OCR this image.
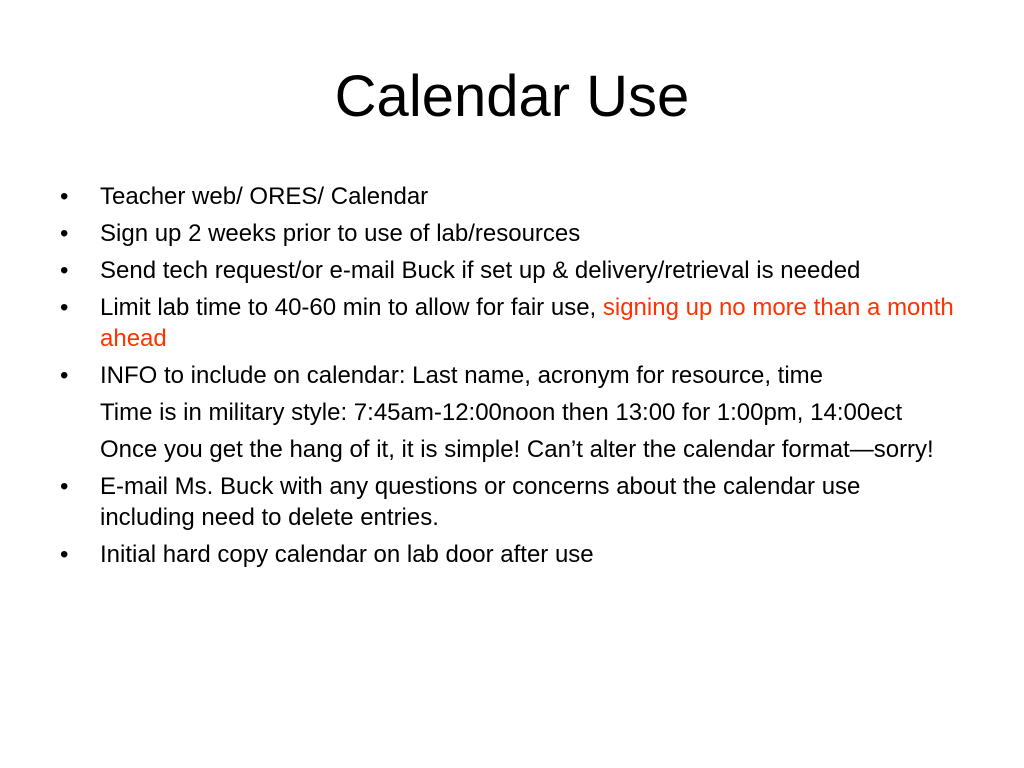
Calendar Use
• Teacher web/ ORES/ Calendar
• Sign up 2 weeks prior to use of lab/resources
• Send tech request/or e-mail Buck if set up & delivery/retrieval is needed
• Limit lab time to 40-60 min to allow for fair use, signing up no more than a month ahead
• INFO to include on calendar: Last name, acronym for resource, time
Time is in military style: 7:45am-12:00noon then 13:00 for 1:00pm, 14:00ect
Once you get the hang of it, it is simple! Can’t alter the calendar format—sorry!
• E-mail Ms. Buck with any questions or concerns about the calendar use including need to delete entries.
• Initial hard copy calendar on lab door after use
